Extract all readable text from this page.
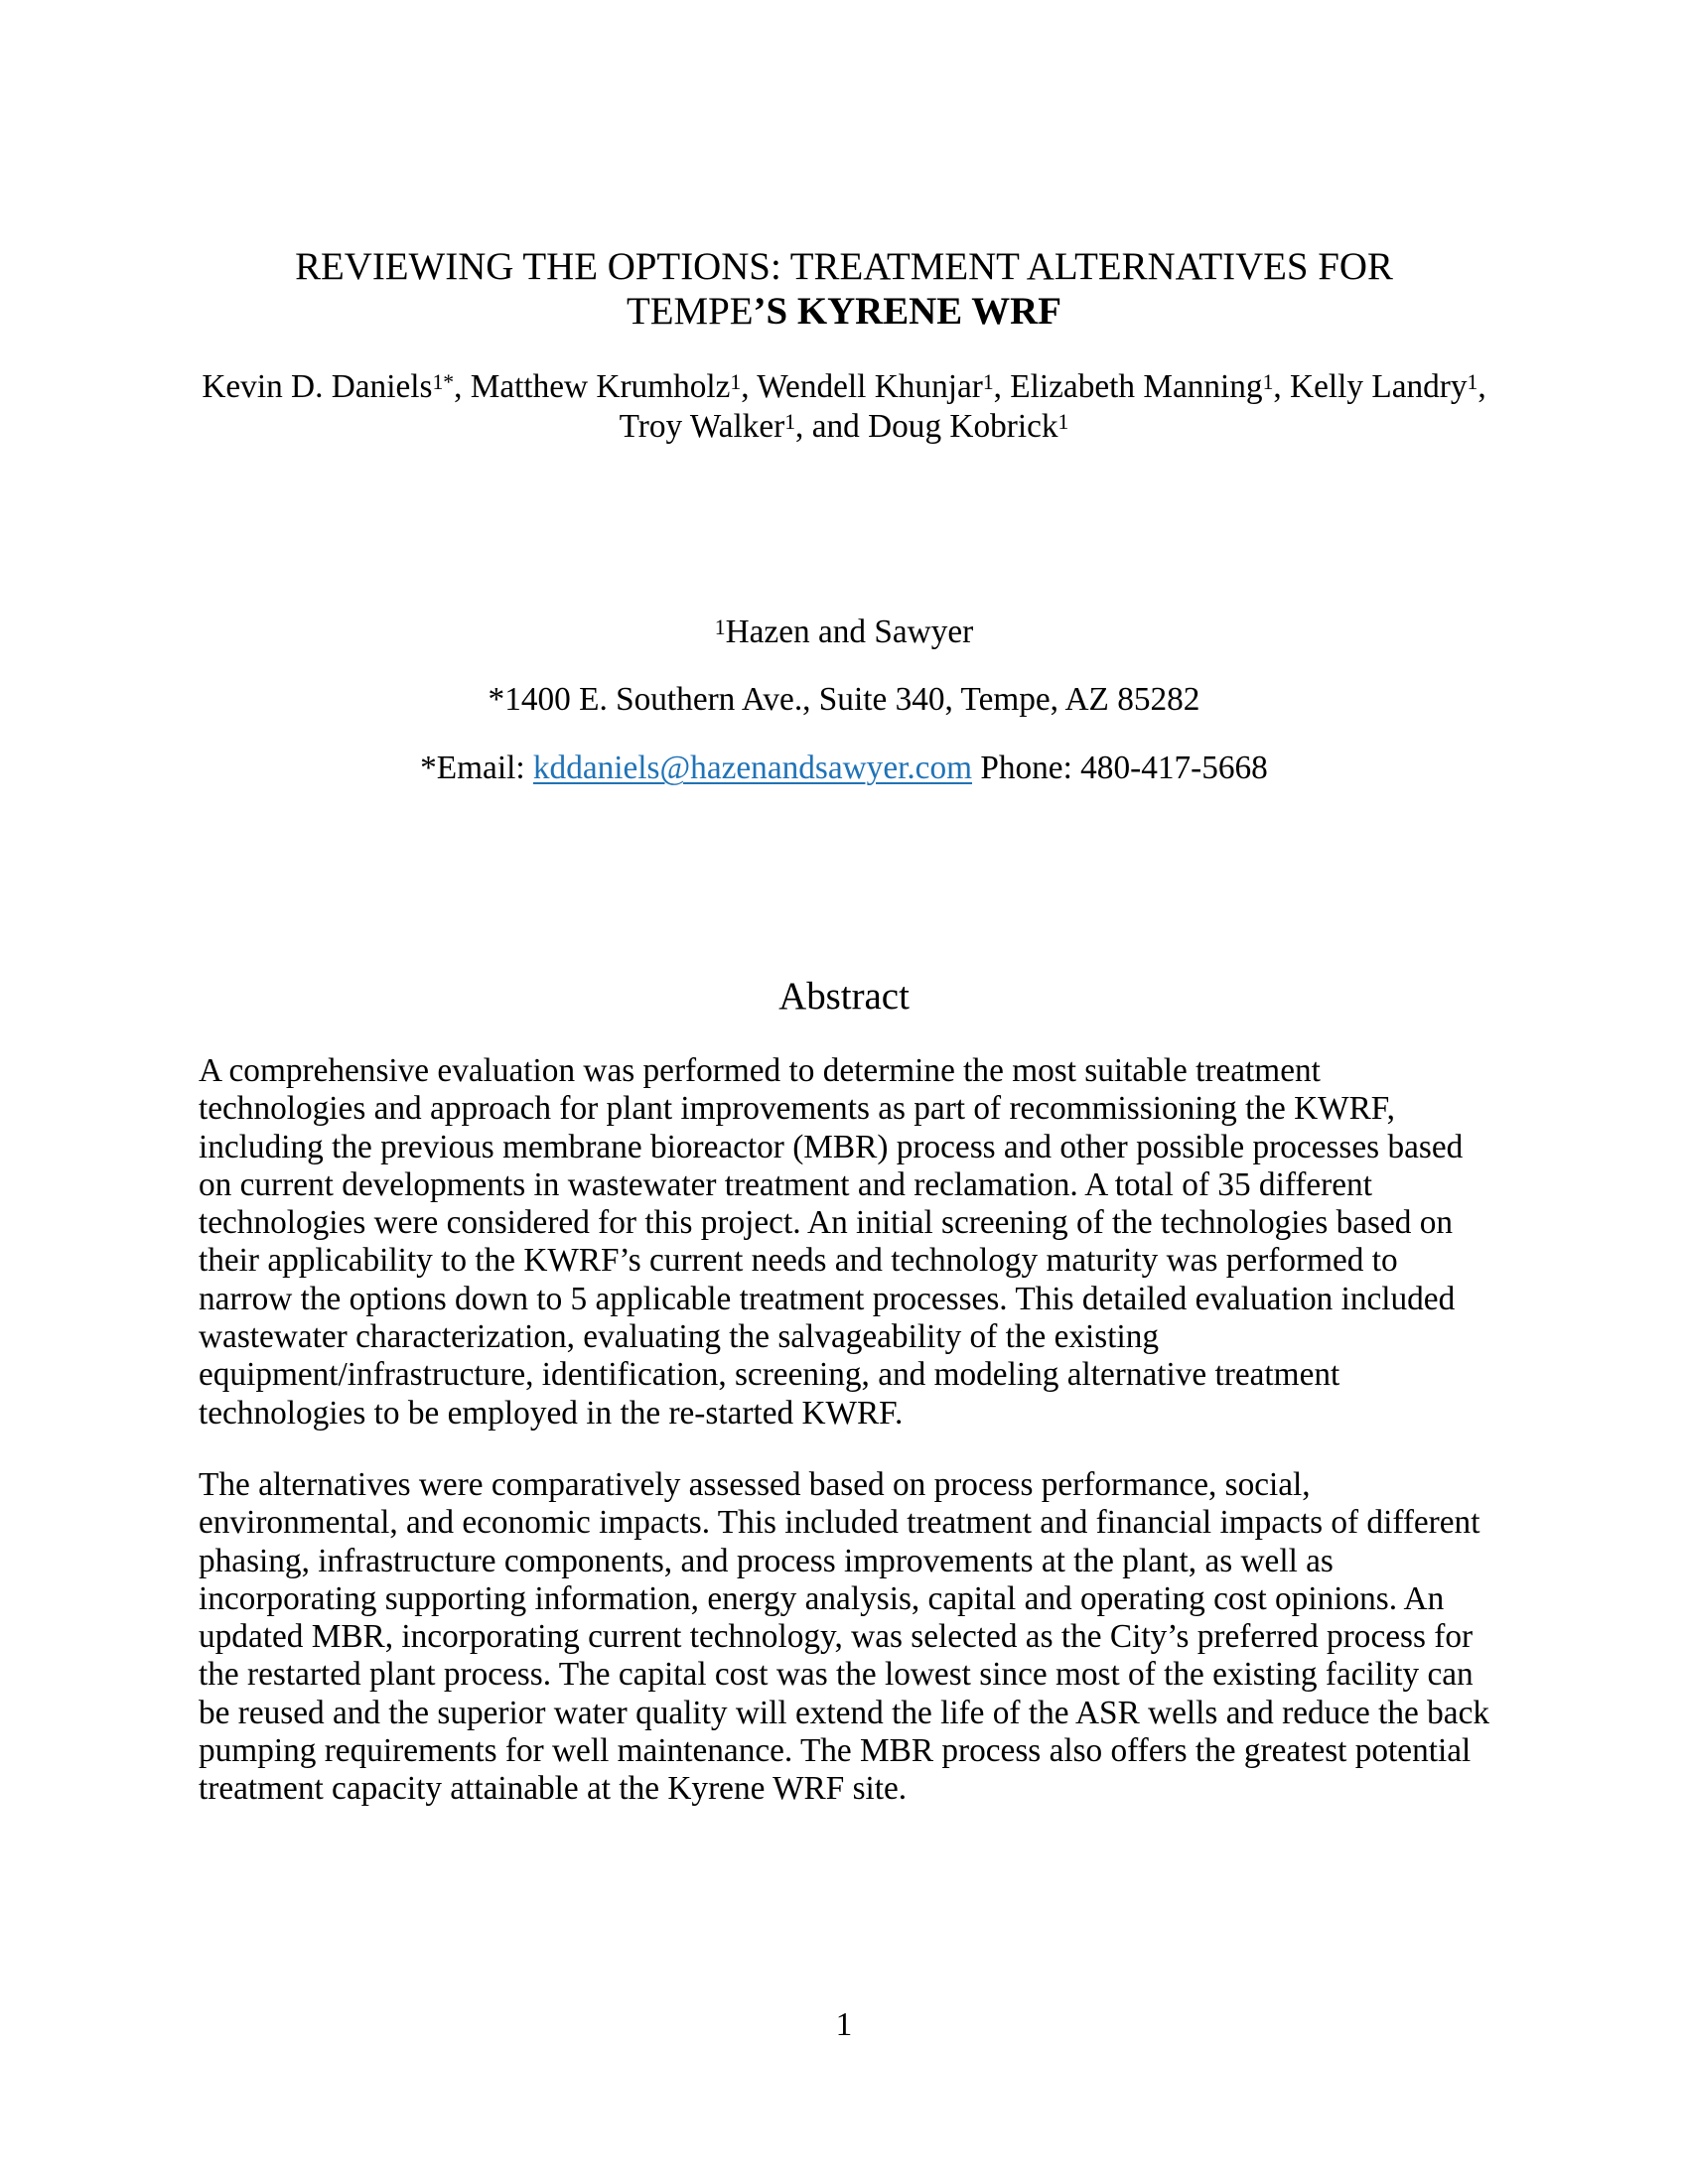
REVIEWING THE OPTIONS: TREATMENT ALTERNATIVES FOR
TEMPE’S KYRENE WRF
Kevin D. Daniels$^{1*}$, Matthew Krumholz$^1$, Wendell Khunjar$^1$, Elizabeth Manning$^1$, Kelly Landry$^1$,
Troy Walker$^1$, and Doug Kobrick$^1$
$^1$Hazen and Sawyer
*1400 E. Southern Ave., Suite 340, Tempe, AZ 85282
*Email: kddaniels@hazenandsawyer.com Phone: 480-417-5668
Abstract
A comprehensive evaluation was performed to determine the most suitable treatment technologies and approach for plant improvements as part of recommissioning the KWRF, including the previous membrane bioreactor (MBR) process and other possible processes based on current developments in wastewater treatment and reclamation. A total of 35 different technologies were considered for this project. An initial screening of the technologies based on their applicability to the KWRF’s current needs and technology maturity was performed to narrow the options down to 5 applicable treatment processes. This detailed evaluation included wastewater characterization, evaluating the salvageability of the existing equipment/infrastructure, identification, screening, and modeling alternative treatment technologies to be employed in the re-started KWRF.
The alternatives were comparatively assessed based on process performance, social, environmental, and economic impacts. This included treatment and financial impacts of different phasing, infrastructure components, and process improvements at the plant, as well as incorporating supporting information, energy analysis, capital and operating cost opinions. An updated MBR, incorporating current technology, was selected as the City’s preferred process for the restarted plant process. The capital cost was the lowest since most of the existing facility can be reused and the superior water quality will extend the life of the ASR wells and reduce the back pumping requirements for well maintenance. The MBR process also offers the greatest potential treatment capacity attainable at the Kyrene WRF site.
1
